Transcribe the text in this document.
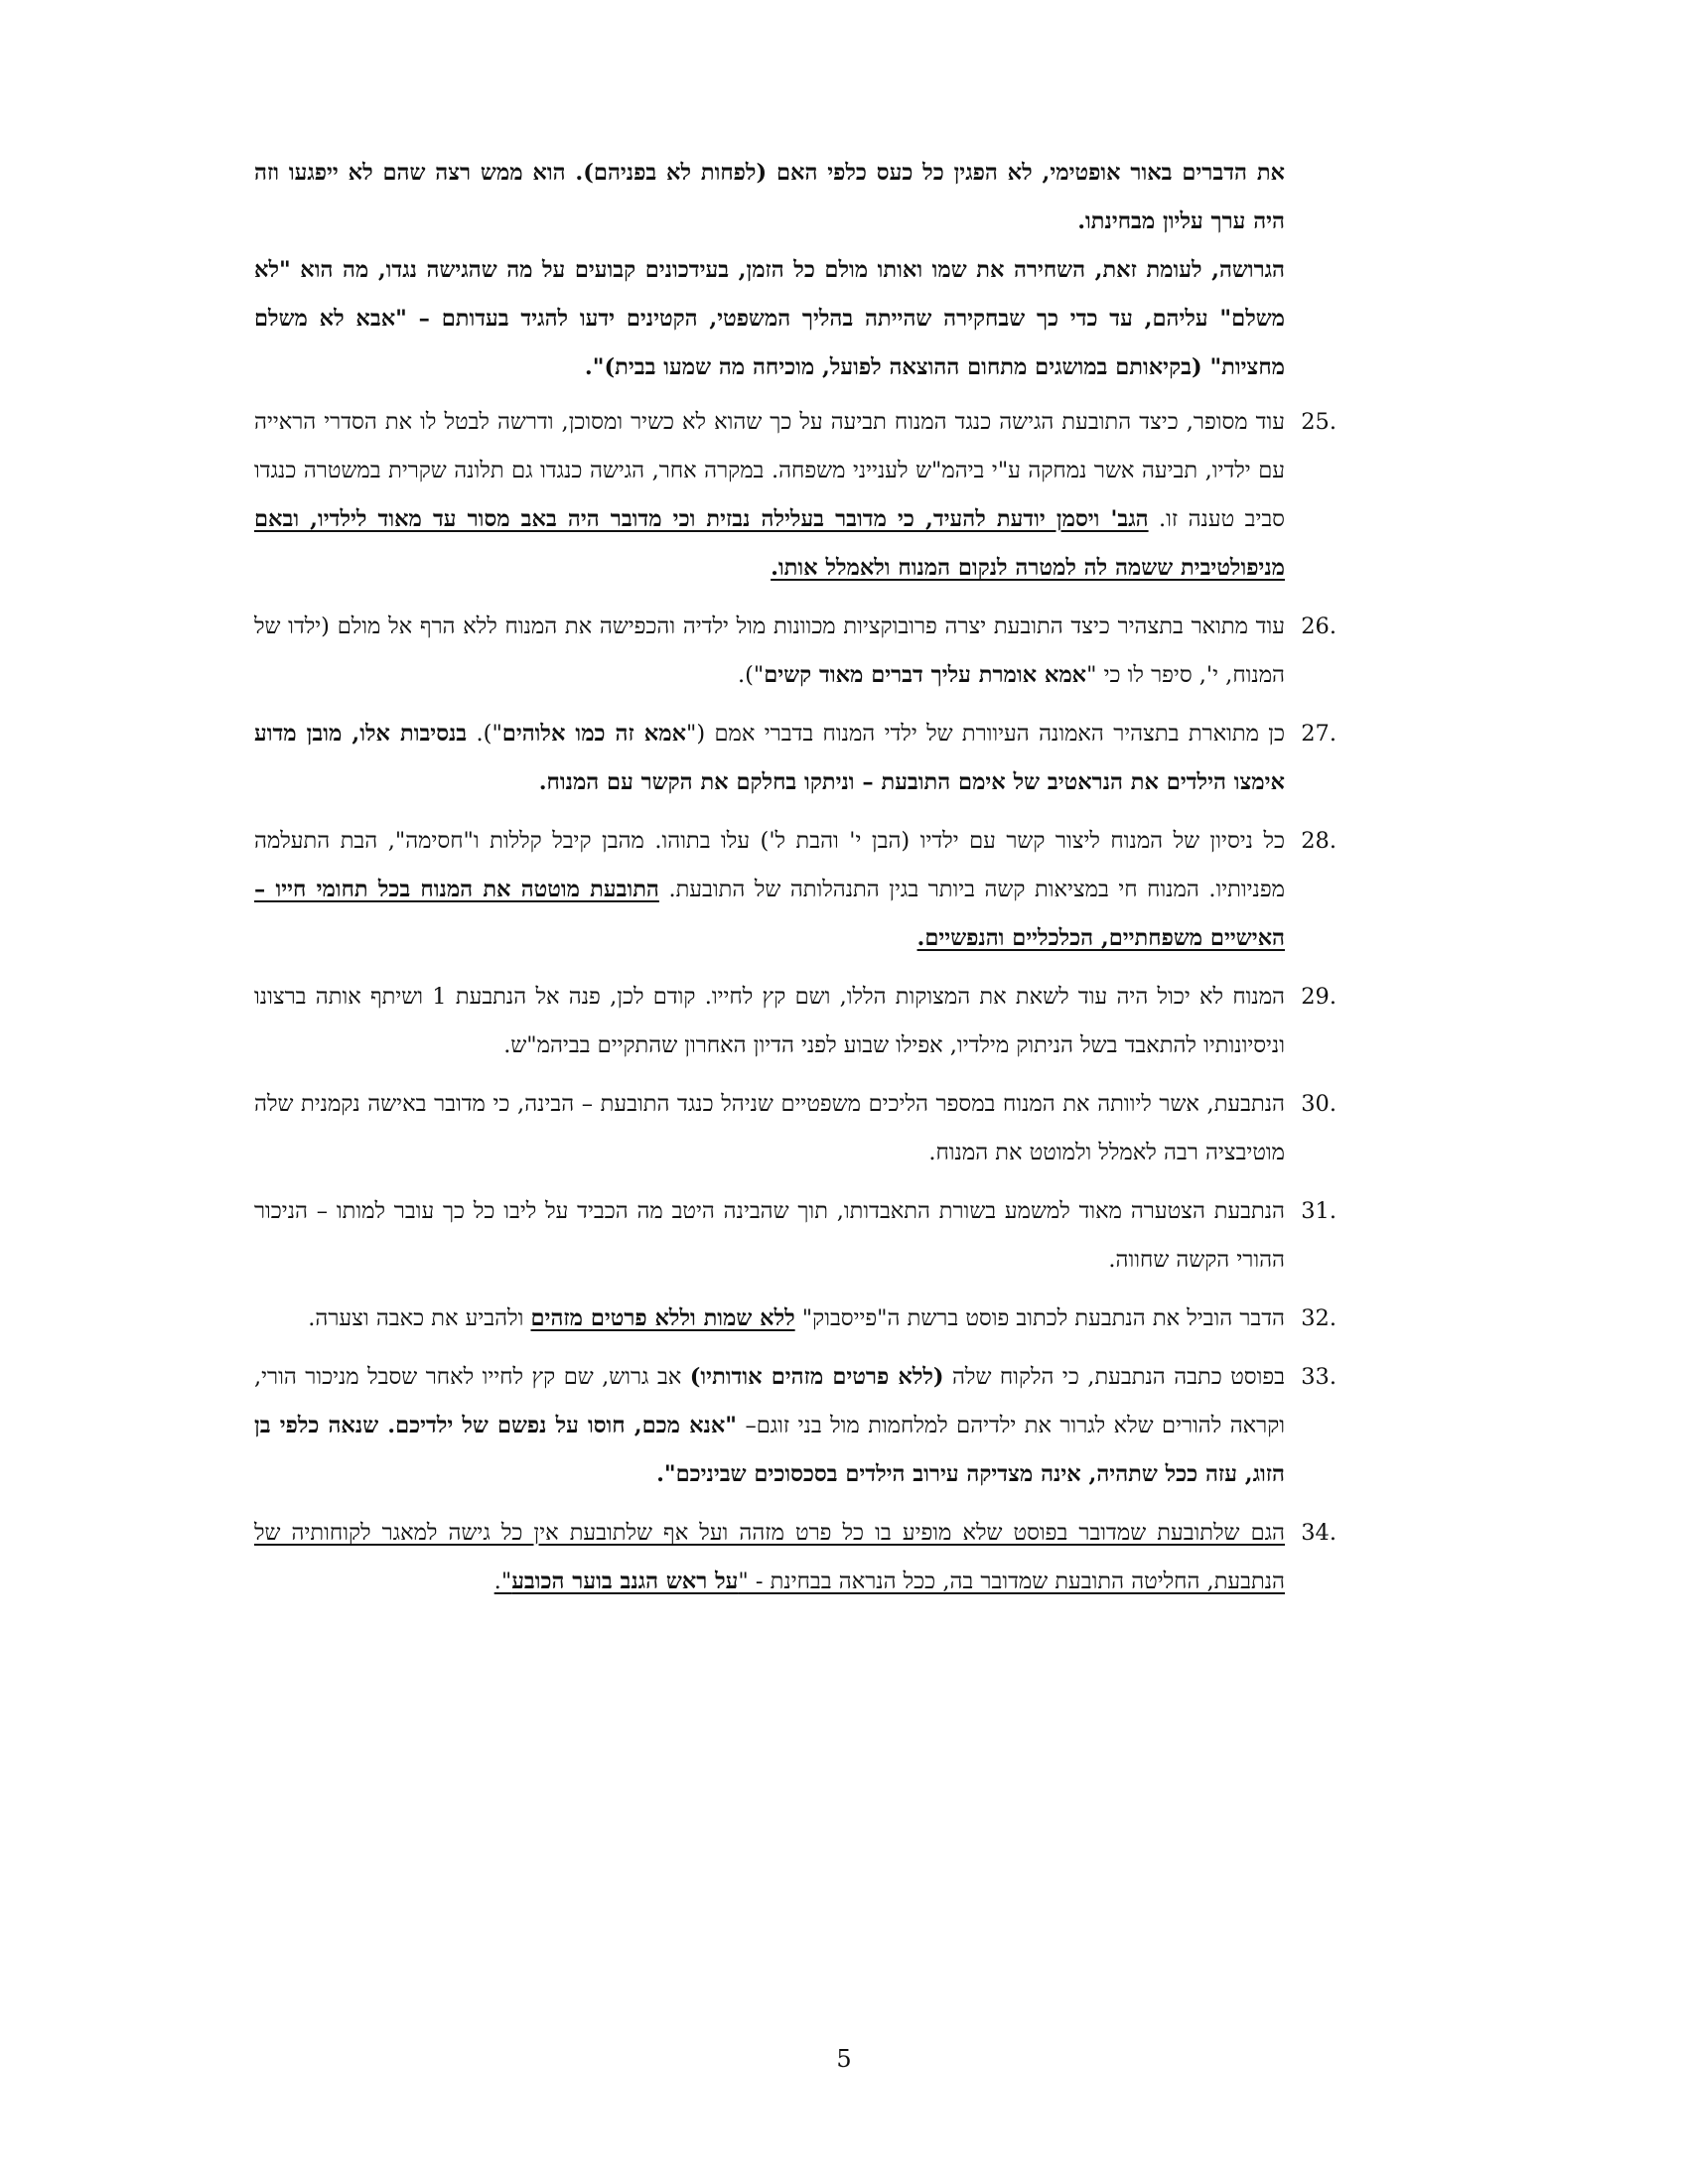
את הדברים באור אופטימי, לא הפגין כל כעס כלפי האם (לפחות לא בפניהם). הוא ממש רצה שהם לא ייפגעו וזה היה ערך עליון מבחינתו.

הגרושה, לעומת זאת, השחירה את שמו ואותו מולם כל הזמן, בעידכונים קבועים על מה שהגישה נגדו, מה הוא "לא משלם" עליהם, עד כדי כך שבחקירה שהייתה בהליך המשפטי, הקטינים ידעו להגיד בעדותם – "אבא לא משלם מחציות" (בקיאותם במושגים מתחום ההוצאה לפועל, מוכיחה מה שמעו בבית)".

25.
עוד מסופר, כיצד התובעת הגישה כנגד המנוח תביעה על כך שהוא לא כשיר ומסוכן, ודרשה לבטל לו את הסדרי הראייה עם ילדיו, תביעה אשר נמחקה ע"י ביהמ"ש לענייני משפחה. במקרה אחר, הגישה כנגדו גם תלונה שקרית במשטרה כנגדו סביב טענה זו. הגב' ויסמן יודעת להעיד, כי מדובר בעלילה נבזית וכי מדובר היה באב מסור עד מאוד לילדיו, ובאם מניפולטיבית ששמה לה למטרה לנקום המנוח ולאמלל אותו.
26.
עוד מתואר בתצהיר כיצד התובעת יצרה פרובוקציות מכוונות מול ילדיה והכפישה את המנוח ללא הרף אל מולם (ילדו של המנוח, י', סיפר לו כי "אמא אומרת עליך דברים מאוד קשים").
27.
כן מתוארת בתצהיר האמונה העיוורת של ילדי המנוח בדברי אמם ("אמא זה כמו אלוהים"). בנסיבות אלו, מובן מדוע אימצו הילדים את הנראטיב של אימם התובעת – וניתקו בחלקם את הקשר עם המנוח.
28.
כל ניסיון של המנוח ליצור קשר עם ילדיו (הבן י' והבת ל') עלו בתוהו. מהבן קיבל קללות ו"חסימה", הבת התעלמה מפניותיו. המנוח חי במציאות קשה ביותר בגין התנהלותה של התובעת. התובעת מוטטה את המנוח בכל תחומי חייו – האישיים משפחתיים, הכלכליים והנפשיים.
29.
המנוח לא יכול היה עוד לשאת את המצוקות הללו, ושם קץ לחייו. קודם לכן, פנה אל הנתבעת 1 ושיתף אותה ברצונו וניסיונותיו להתאבד בשל הניתוק מילדיו, אפילו שבוע לפני הדיון האחרון שהתקיים בביהמ"ש.
30.
הנתבעת, אשר ליוותה את המנוח במספר הליכים משפטיים שניהל כנגד התובעת – הבינה, כי מדובר באישה נקמנית שלה מוטיבציה רבה לאמלל ולמוטט את המנוח.
31.
הנתבעת הצטערה מאוד למשמע בשורת התאבדותו, תוך שהבינה היטב מה הכביד על ליבו כל כך עובר למותו – הניכור ההורי הקשה שחווה.
32.
הדבר הוביל את הנתבעת לכתוב פוסט ברשת ה"פייסבוק" ללא שמות וללא פרטים מזהים ולהביע את כאבה וצערה.
33.
בפוסט כתבה הנתבעת, כי הלקוח שלה (ללא פרטים מזהים אודותיו) אב גרוש, שם קץ לחייו לאחר שסבל מניכור הורי, וקראה להורים שלא לגרור את ילדיהם למלחמות מול בני זוגם– "אנא מכם, חוסו על נפשם של ילדיכם. שנאה כלפי בן הזוג, עזה ככל שתהיה, אינה מצדיקה עירוב הילדים בסכסוכים שביניכם".
34.
הגם שלתובעת שמדובר בפוסט שלא מופיע בו כל פרט מזהה ועל אף שלתובעת אין כל גישה למאגר לקוחותיה של הנתבעת, החליטה התובעת שמדובר בה, ככל הנראה בבחינת - "על ראש הגנב בוער הכובע".
5
